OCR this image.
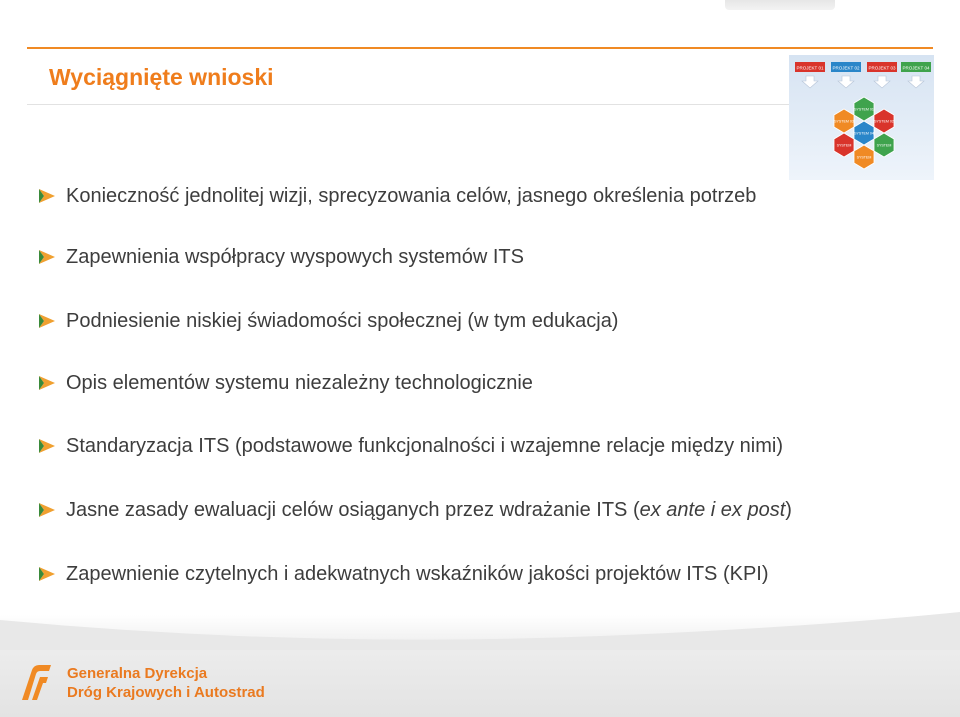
Wyciągnięte wnioski	PROJEKT 01 PROJEKT 02 PROJEKT 03 PROJEKT 04
SYSTEM 01
SYSTEM 02
SYSTEM 03
SYSTEM 04
SYSTEM	SYSTEM
SYSTEM
Konieczność jednolitej wizji, sprecyzowania celów, jasnego określenia potrzeb
Zapewnienia współpracy wyspowych systemów ITS
Podniesienie niskiej świadomości społecznej (w tym edukacja)
Opis elementów systemu niezależny technologicznie
Standaryzacja ITS (podstawowe funkcjonalności i wzajemne relacje między nimi)
Jasne zasady ewaluacji celów osiąganych przez wdrażanie ITS (ex ante i ex post)
Zapewnienie czytelnych i adekwatnych wskaźników jakości projektów ITS (KPI)
Generalna Dyrekcja
Dróg Krajowych i Autostrad
